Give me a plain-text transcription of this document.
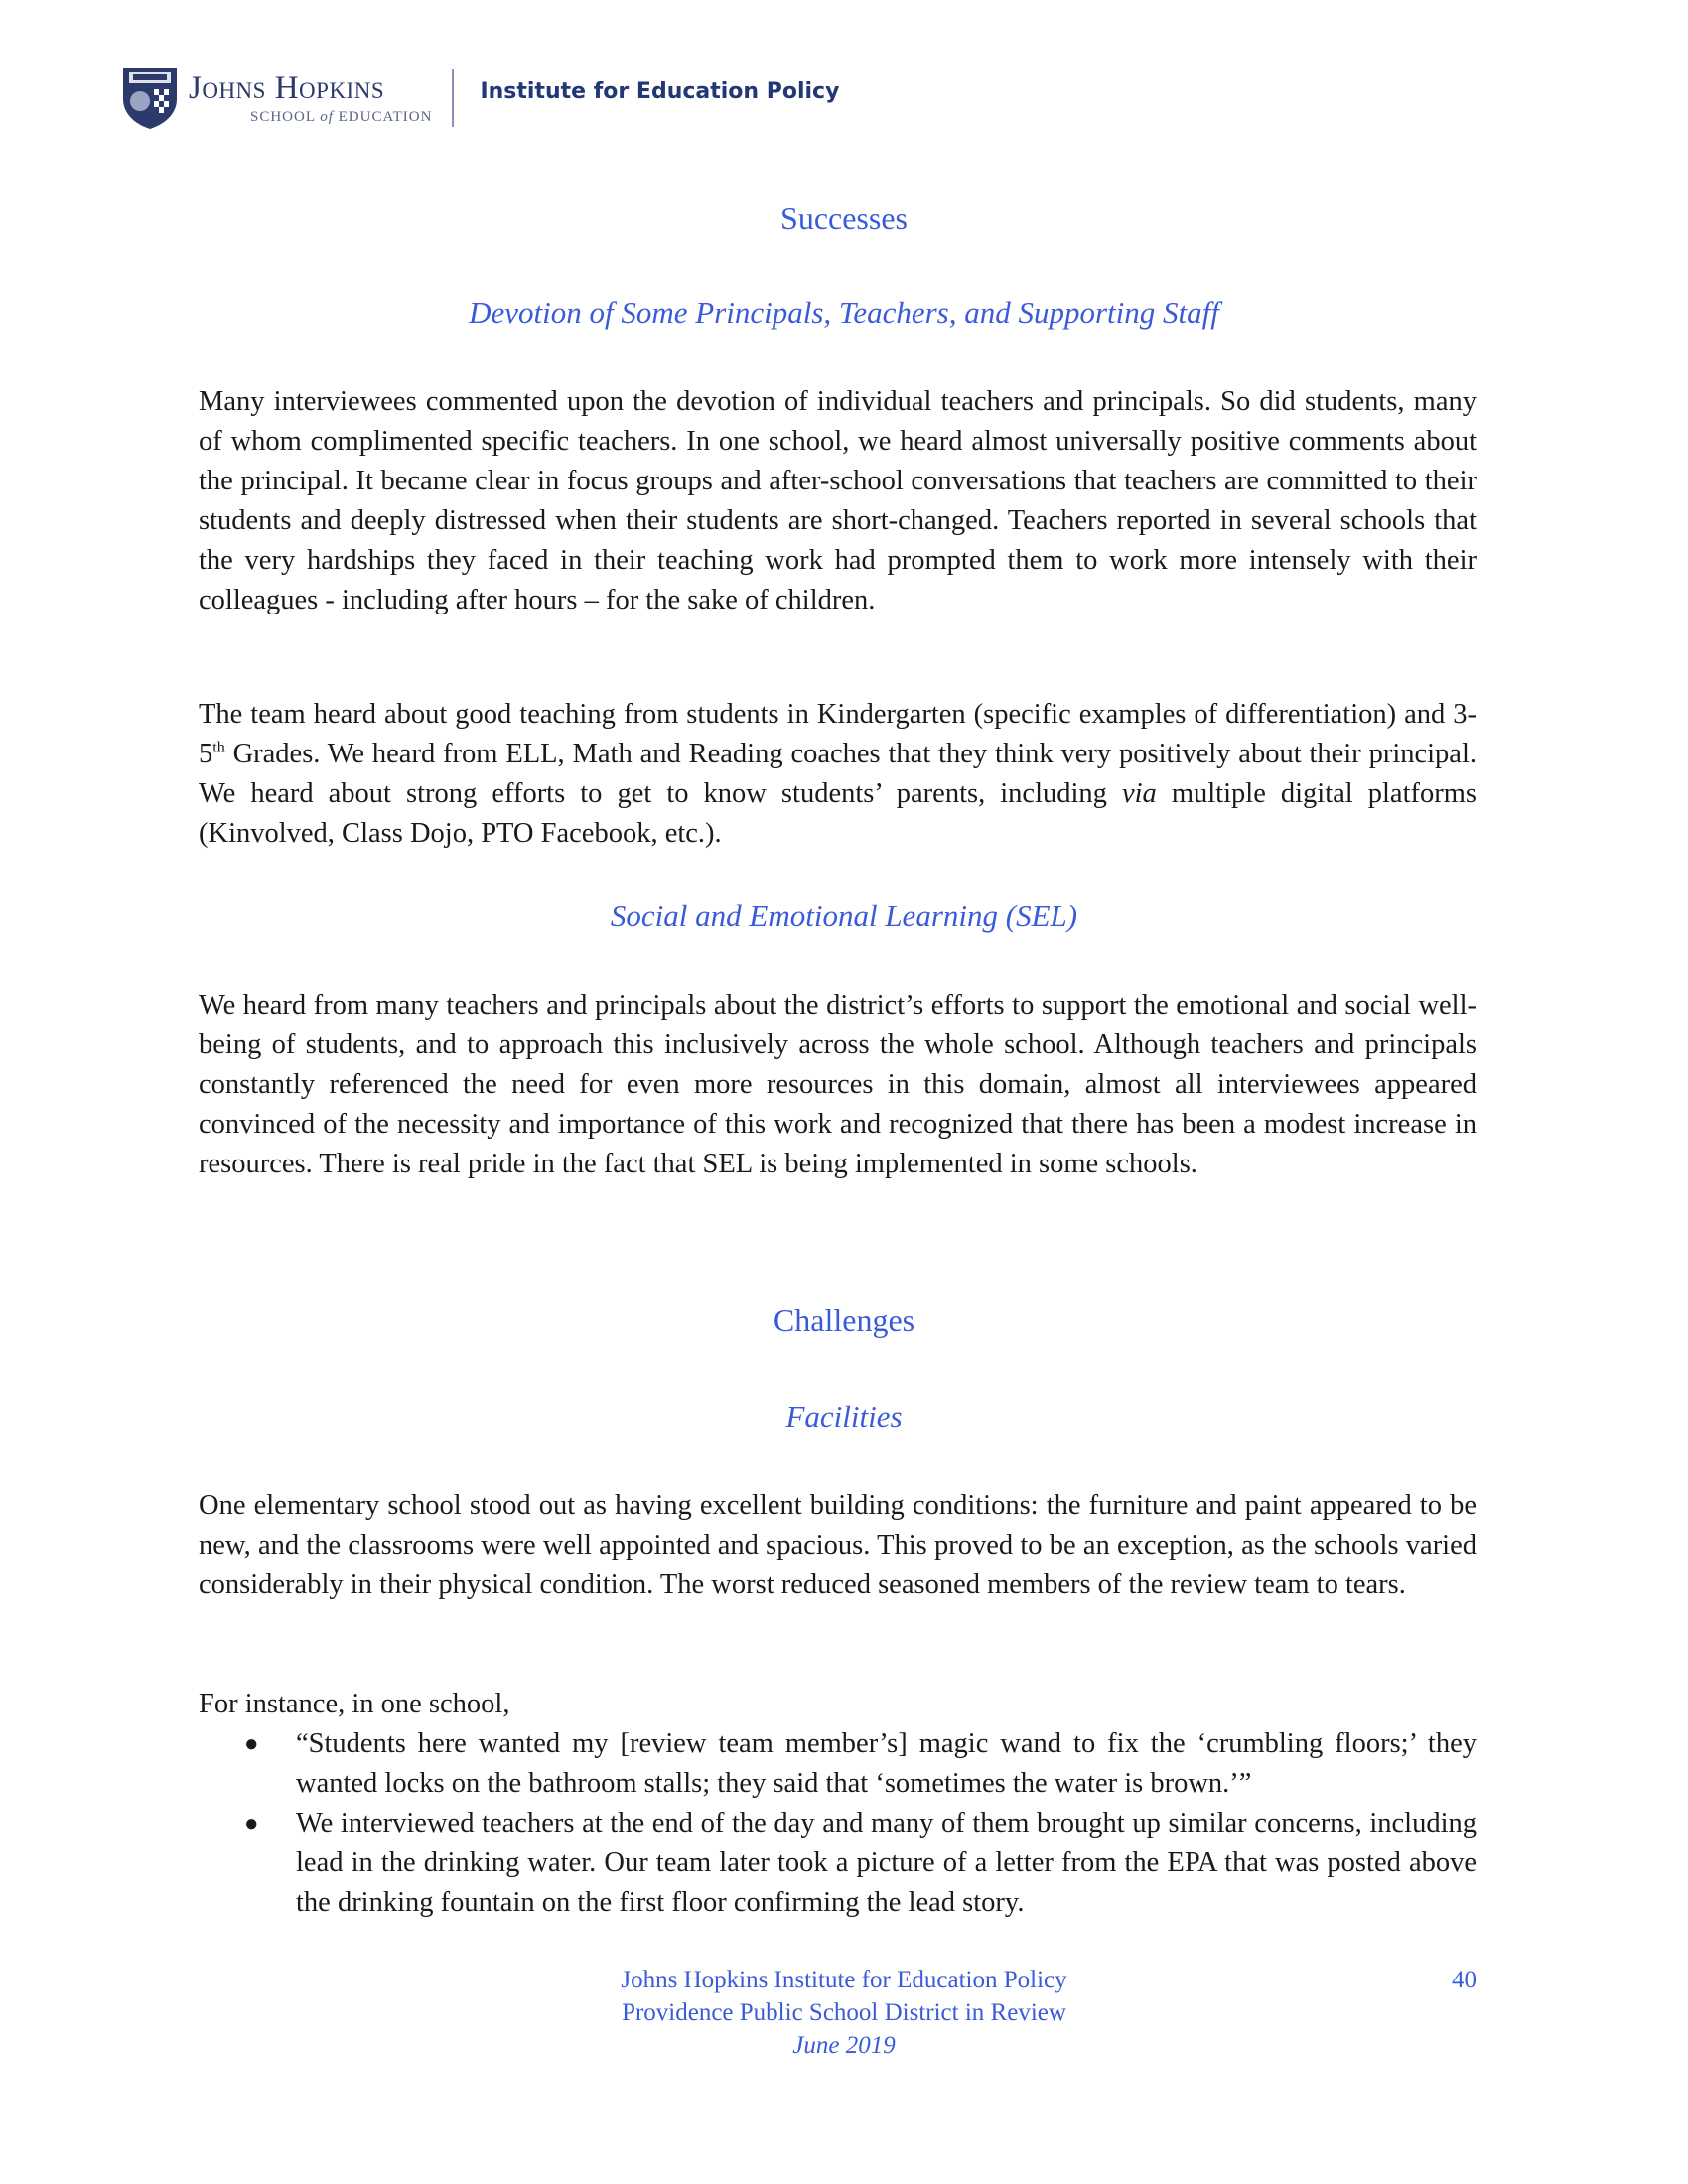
Johns Hopkins
SCHOOL of EDUCATION
Institute for Education Policy
Successes
Devotion of Some Principals, Teachers, and Supporting Staff

Many interviewees commented upon the devotion of individual teachers and principals. So did students, many of whom complimented specific teachers. In one school, we heard almost universally positive comments about the principal. It became clear in focus groups and after-school conversations that teachers are committed to their students and deeply distressed when their students are short-changed. Teachers reported in several schools that the very hardships they faced in their teaching work had prompted them to work more intensely with their colleagues - including after hours – for the sake of children.

The team heard about good teaching from students in Kindergarten (specific examples of differentiation) and 3-5th Grades. We heard from ELL, Math and Reading coaches that they think very positively about their principal. We heard about strong efforts to get to know students’ parents, including via multiple digital platforms (Kinvolved, Class Dojo, PTO Facebook, etc.).

Social and Emotional Learning (SEL)

We heard from many teachers and principals about the district’s efforts to support the emotional and social well-being of students, and to approach this inclusively across the whole school. Although teachers and principals constantly referenced the need for even more resources in this domain, almost all interviewees appeared convinced of the necessity and importance of this work and recognized that there has been a modest increase in resources. There is real pride in the fact that SEL is being implemented in some schools.

Challenges
Facilities

One elementary school stood out as having excellent building conditions: the furniture and paint appeared to be new, and the classrooms were well appointed and spacious. This proved to be an exception, as the schools varied considerably in their physical condition. The worst reduced seasoned members of the review team to tears.

For instance, in one school,

●	“Students here wanted my [review team member’s] magic wand to fix the ‘crumbling floors;’ they wanted locks on the bathroom stalls; they said that ‘sometimes the water is brown.’”
●	We interviewed teachers at the end of the day and many of them brought up similar concerns, including lead in the drinking water. Our team later took a picture of a letter from the EPA that was posted above the drinking fountain on the first floor confirming the lead story.
Johns Hopkins Institute for Education Policy
Providence Public School District in Review
June 2019
40
